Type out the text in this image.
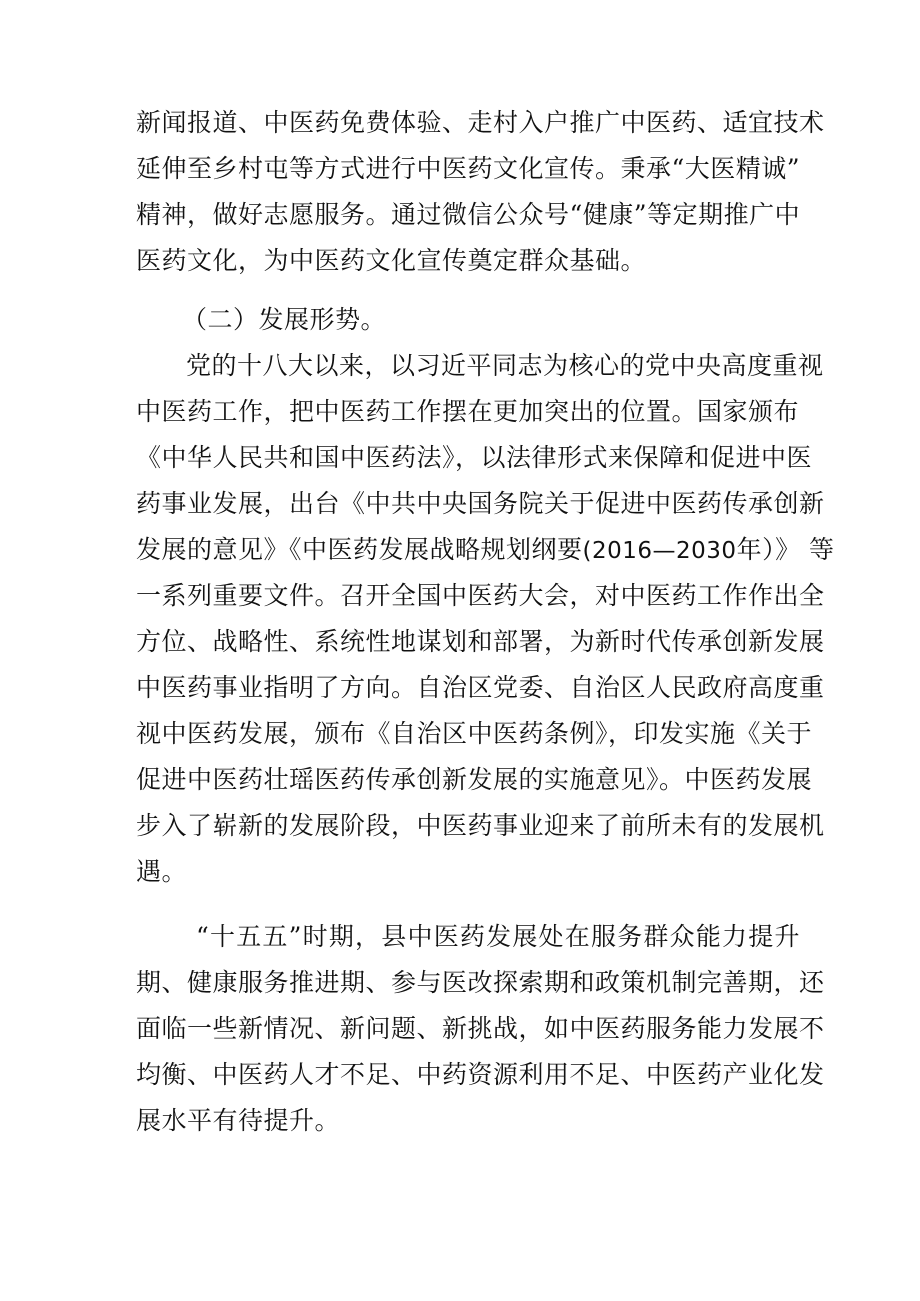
新闻报道、中医药免费体验、走村入户推广中医药、适宜技术
延伸至乡村屯等方式进行中医药文化宣传。秉承“大医精诚”
精神，做好志愿服务。通过微信公众号“健康”等定期推广中
医药文化，为中医药文化宣传奠定群众基础。
（二）发展形势。
党的十八大以来，以习近平同志为核心的党中央高度重视
中医药工作，把中医药工作摆在更加突出的位置。国家颁布
《中华人民共和国中医药法》，以法律形式来保障和促进中医
药事业发展，出台《中共中央国务院关于促进中医药传承创新
发展的意见》《中医药发展战略规划纲要(2016—2030年）》 等
一系列重要文件。召开全国中医药大会，对中医药工作作出全
方位、战略性、系统性地谋划和部署，为新时代传承创新发展
中医药事业指明了方向。自治区党委、自治区人民政府高度重
视中医药发展，颁布《自治区中医药条例》，印发实施《关于
促进中医药壮瑶医药传承创新发展的实施意见》。中医药发展
步入了崭新的发展阶段，中医药事业迎来了前所未有的发展机
遇。
“十五五”时期，县中医药发展处在服务群众能力提升
期、健康服务推进期、参与医改探索期和政策机制完善期，还
面临一些新情况、新问题、新挑战，如中医药服务能力发展不
均衡、中医药人才不足、中药资源利用不足、中医药产业化发
展水平有待提升。
